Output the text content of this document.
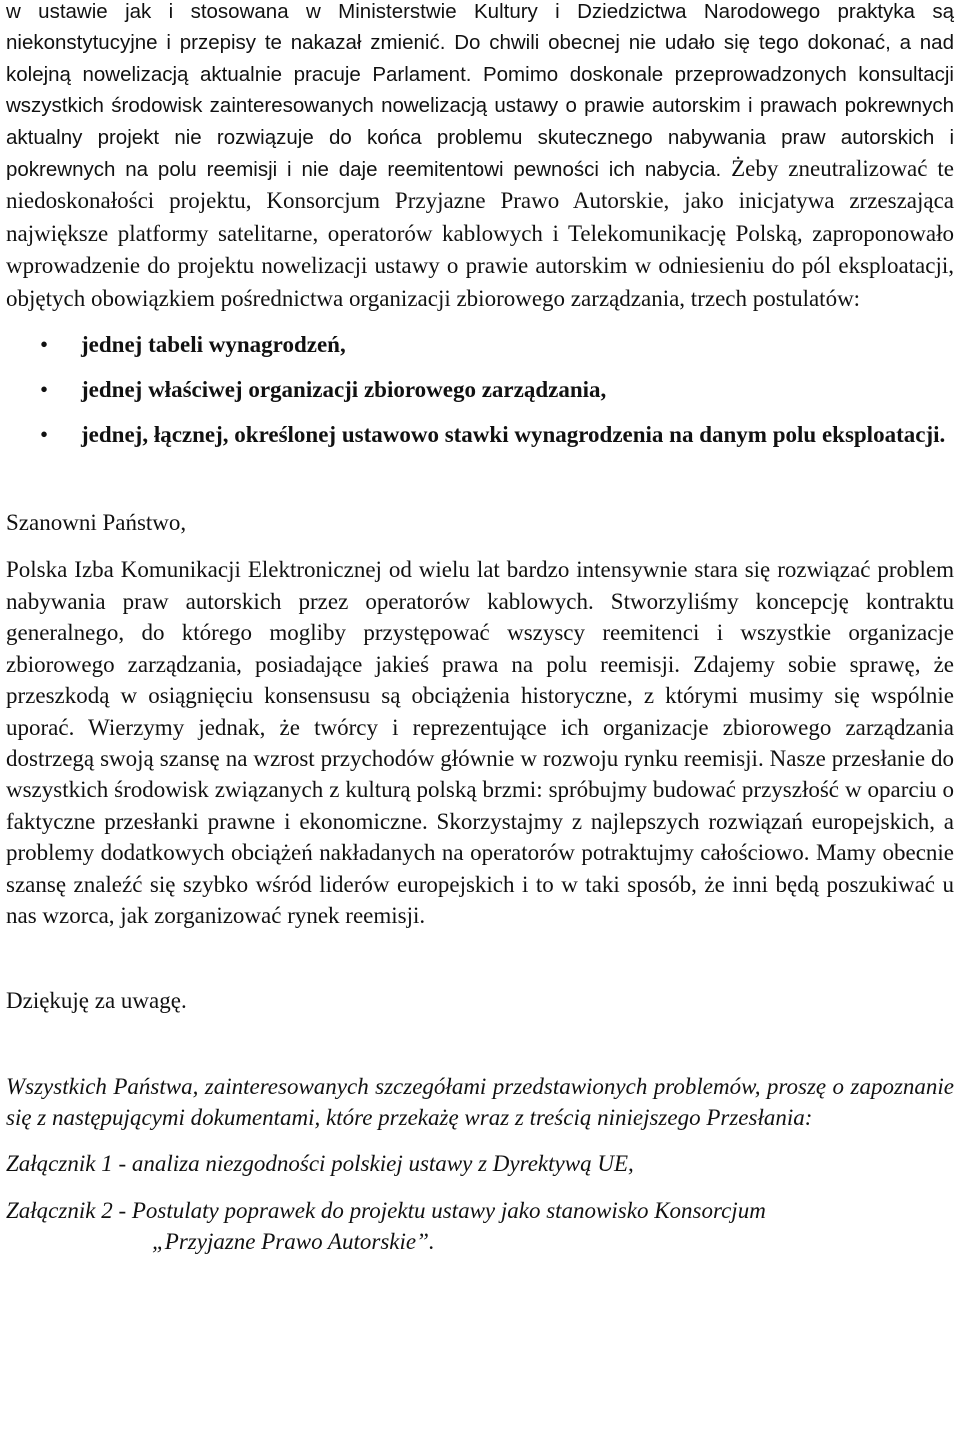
w ustawie jak i stosowana w Ministerstwie Kultury i Dziedzictwa Narodowego praktyka są niekonstytucyjne i przepisy te nakazał zmienić. Do chwili obecnej nie udało się tego dokonać, a nad kolejną nowelizacją aktualnie pracuje Parlament. Pomimo doskonale przeprowadzonych konsultacji wszystkich środowisk zainteresowanych nowelizacją ustawy o prawie autorskim i prawach pokrewnych aktualny projekt nie rozwiązuje do końca problemu skutecznego nabywania praw autorskich i pokrewnych na polu reemisji i nie daje reemitentowi pewności ich nabycia. Żeby zneutralizować te niedoskonałości projektu, Konsorcjum Przyjazne Prawo Autorskie, jako inicjatywa zrzeszająca największe platformy satelitarne, operatorów kablowych i Telekomunikację Polską, zaproponowało wprowadzenie do projektu nowelizacji ustawy o prawie autorskim w odniesieniu do pól eksploatacji, objętych obowiązkiem pośrednictwa organizacji zbiorowego zarządzania, trzech postulatów:

• jednej tabeli wynagrodzeń,
• jednej właściwej organizacji zbiorowego zarządzania,
• jednej, łącznej, określonej ustawowo stawki wynagrodzenia na danym polu eksploatacji.

Szanowni Państwo,

Polska Izba Komunikacji Elektronicznej od wielu lat bardzo intensywnie stara się rozwiązać problem nabywania praw autorskich przez operatorów kablowych. Stworzyliśmy koncepcję kontraktu generalnego, do którego mogliby przystępować wszyscy reemitenci i wszystkie organizacje zbiorowego zarządzania, posiadające jakieś prawa na polu reemisji. Zdajemy sobie sprawę, że przeszkodą w osiągnięciu konsensusu są obciążenia historyczne, z którymi musimy się wspólnie uporać. Wierzymy jednak, że twórcy i reprezentujące ich organizacje zbiorowego zarządzania dostrzegą swoją szansę na wzrost przychodów głównie w rozwoju rynku reemisji. Nasze przesłanie do wszystkich środowisk związanych z kulturą polską brzmi: spróbujmy budować przyszłość w oparciu o faktyczne przesłanki prawne i ekonomiczne. Skorzystajmy z najlepszych rozwiązań europejskich, a problemy dodatkowych obciążeń nakładanych na operatorów potraktujmy całościowo. Mamy obecnie szansę znaleźć się szybko wśród liderów europejskich i to w taki sposób, że inni będą poszukiwać u nas wzorca, jak zorganizować rynek reemisji.

Dziękuję za uwagę.

Wszystkich Państwa, zainteresowanych szczegółami przedstawionych problemów, proszę o zapoznanie się z następującymi dokumentami, które przekażę wraz z treścią niniejszego Przesłania:

Załącznik 1 - analiza niezgodności polskiej ustawy z Dyrektywą UE,

Załącznik 2 - Postulaty poprawek do projektu ustawy jako stanowisko Konsorcjum

„Przyjazne Prawo Autorskie”.
